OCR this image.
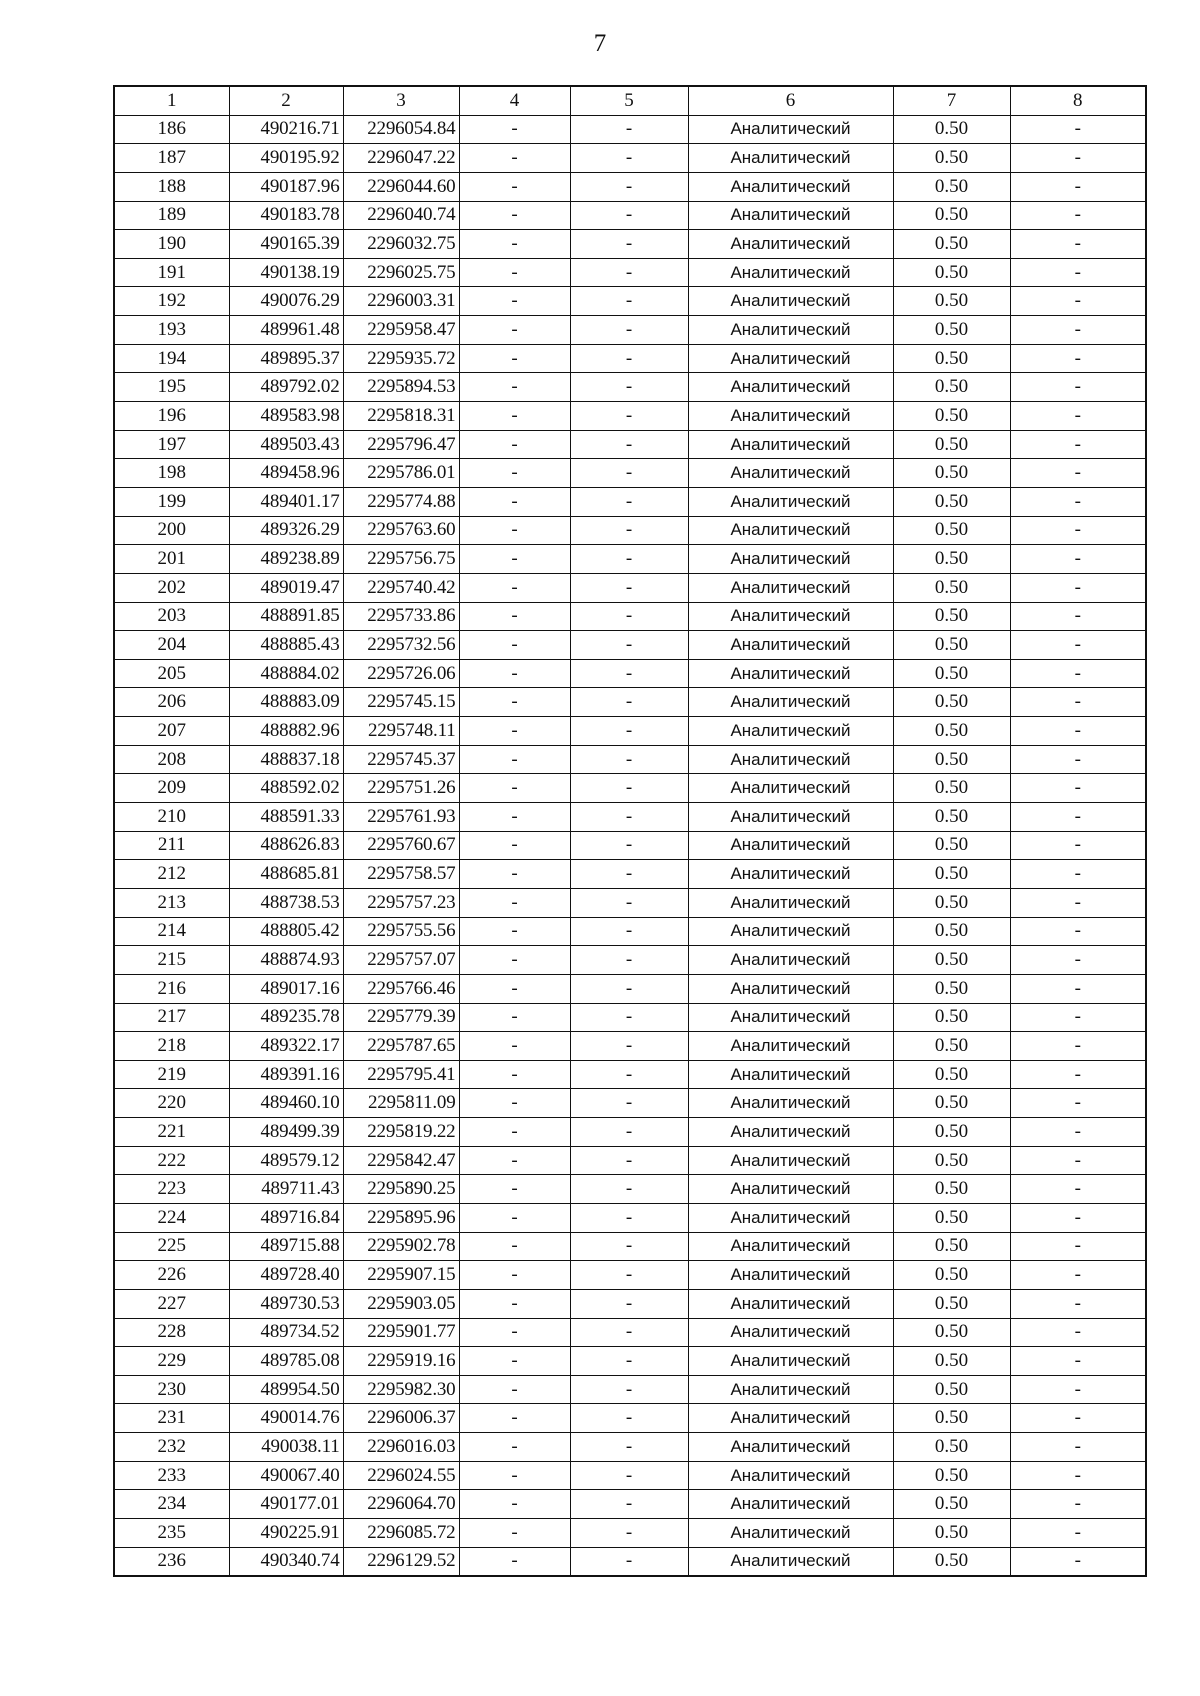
7
1	2	3	4	5	6	7	8
186	490216.71	2296054.84	-	-	Аналитический	0.50	-
187	490195.92	2296047.22	-	-	Аналитический	0.50	-
188	490187.96	2296044.60	-	-	Аналитический	0.50	-
189	490183.78	2296040.74	-	-	Аналитический	0.50	-
190	490165.39	2296032.75	-	-	Аналитический	0.50	-
191	490138.19	2296025.75	-	-	Аналитический	0.50	-
192	490076.29	2296003.31	-	-	Аналитический	0.50	-
193	489961.48	2295958.47	-	-	Аналитический	0.50	-
194	489895.37	2295935.72	-	-	Аналитический	0.50	-
195	489792.02	2295894.53	-	-	Аналитический	0.50	-
196	489583.98	2295818.31	-	-	Аналитический	0.50	-
197	489503.43	2295796.47	-	-	Аналитический	0.50	-
198	489458.96	2295786.01	-	-	Аналитический	0.50	-
199	489401.17	2295774.88	-	-	Аналитический	0.50	-
200	489326.29	2295763.60	-	-	Аналитический	0.50	-
201	489238.89	2295756.75	-	-	Аналитический	0.50	-
202	489019.47	2295740.42	-	-	Аналитический	0.50	-
203	488891.85	2295733.86	-	-	Аналитический	0.50	-
204	488885.43	2295732.56	-	-	Аналитический	0.50	-
205	488884.02	2295726.06	-	-	Аналитический	0.50	-
206	488883.09	2295745.15	-	-	Аналитический	0.50	-
207	488882.96	2295748.11	-	-	Аналитический	0.50	-
208	488837.18	2295745.37	-	-	Аналитический	0.50	-
209	488592.02	2295751.26	-	-	Аналитический	0.50	-
210	488591.33	2295761.93	-	-	Аналитический	0.50	-
211	488626.83	2295760.67	-	-	Аналитический	0.50	-
212	488685.81	2295758.57	-	-	Аналитический	0.50	-
213	488738.53	2295757.23	-	-	Аналитический	0.50	-
214	488805.42	2295755.56	-	-	Аналитический	0.50	-
215	488874.93	2295757.07	-	-	Аналитический	0.50	-
216	489017.16	2295766.46	-	-	Аналитический	0.50	-
217	489235.78	2295779.39	-	-	Аналитический	0.50	-
218	489322.17	2295787.65	-	-	Аналитический	0.50	-
219	489391.16	2295795.41	-	-	Аналитический	0.50	-
220	489460.10	2295811.09	-	-	Аналитический	0.50	-
221	489499.39	2295819.22	-	-	Аналитический	0.50	-
222	489579.12	2295842.47	-	-	Аналитический	0.50	-
223	489711.43	2295890.25	-	-	Аналитический	0.50	-
224	489716.84	2295895.96	-	-	Аналитический	0.50	-
225	489715.88	2295902.78	-	-	Аналитический	0.50	-
226	489728.40	2295907.15	-	-	Аналитический	0.50	-
227	489730.53	2295903.05	-	-	Аналитический	0.50	-
228	489734.52	2295901.77	-	-	Аналитический	0.50	-
229	489785.08	2295919.16	-	-	Аналитический	0.50	-
230	489954.50	2295982.30	-	-	Аналитический	0.50	-
231	490014.76	2296006.37	-	-	Аналитический	0.50	-
232	490038.11	2296016.03	-	-	Аналитический	0.50	-
233	490067.40	2296024.55	-	-	Аналитический	0.50	-
234	490177.01	2296064.70	-	-	Аналитический	0.50	-
235	490225.91	2296085.72	-	-	Аналитический	0.50	-
236	490340.74	2296129.52	-	-	Аналитический	0.50	-
